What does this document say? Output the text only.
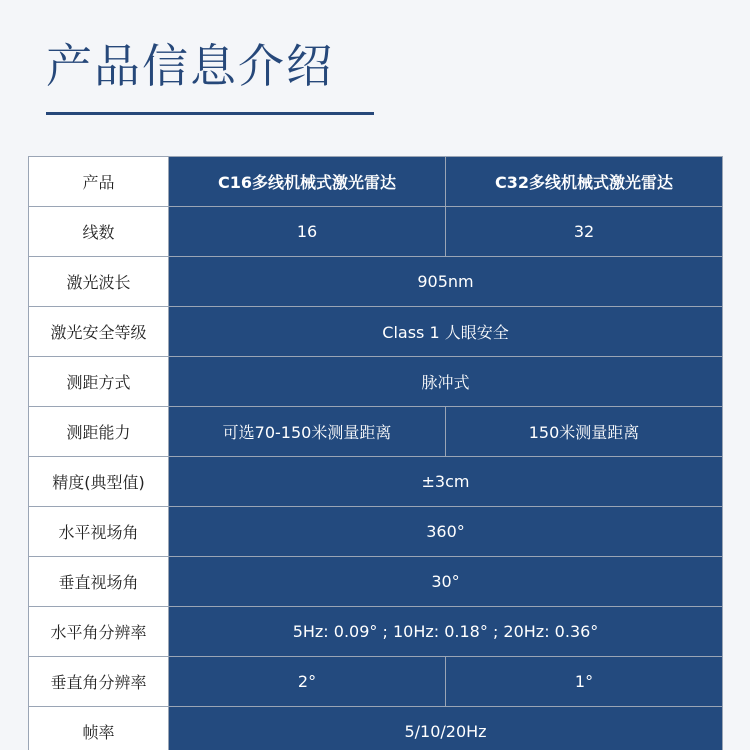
产品信息介绍
产品	C16多线机械式激光雷达	C32多线机械式激光雷达
线数	16	32
激光波长	905nm	
激光安全等级	Class 1 人眼安全	
测距方式	脉冲式	
测距能力	可选70-150米测量距离	150米测量距离
精度(典型值)	±3cm	
水平视场角	360°	
垂直视场角	30°	
水平角分辨率	5Hz: 0.09° ; 10Hz: 0.18° ; 20Hz: 0.36°	
垂直角分辨率	2°	1°
帧率	5/10/20Hz	
